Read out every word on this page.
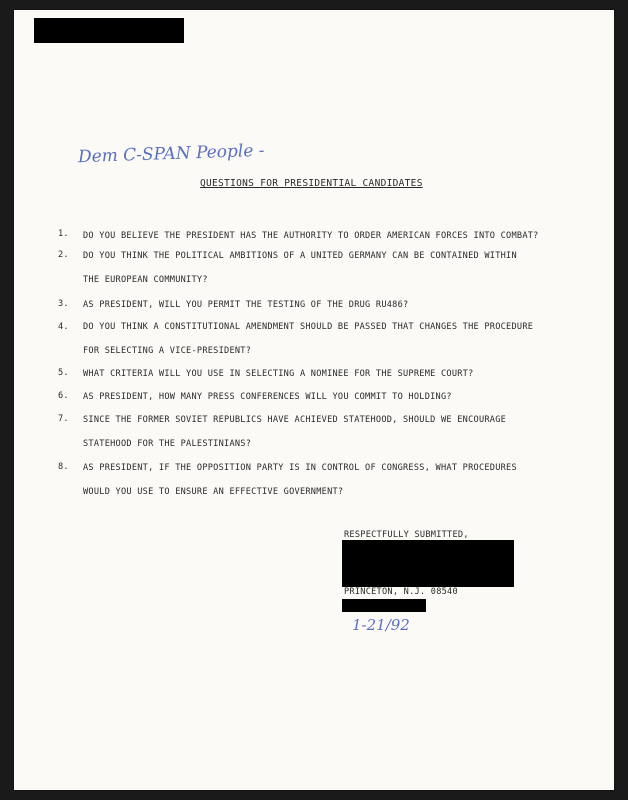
Dem C-SPAN People -
QUESTIONS FOR PRESIDENTIAL CANDIDATES
1. DO YOU BELIEVE THE PRESIDENT HAS THE AUTHORITY TO ORDER AMERICAN FORCES INTO COMBAT?
2. DO YOU THINK THE POLITICAL AMBITIONS OF A UNITED GERMANY CAN BE CONTAINED WITHIN
THE EUROPEAN COMMUNITY?
3. AS PRESIDENT, WILL YOU PERMIT THE TESTING OF THE DRUG RU486?
4. DO YOU THINK A CONSTITUTIONAL AMENDMENT SHOULD BE PASSED THAT CHANGES THE PROCEDURE
FOR SELECTING A VICE-PRESIDENT?
5. WHAT CRITERIA WILL YOU USE IN SELECTING A NOMINEE FOR THE SUPREME COURT?
6. AS PRESIDENT, HOW MANY PRESS CONFERENCES WILL YOU COMMIT TO HOLDING?
7. SINCE THE FORMER SOVIET REPUBLICS HAVE ACHIEVED STATEHOOD, SHOULD WE ENCOURAGE
STATEHOOD FOR THE PALESTINIANS?
8. AS PRESIDENT, IF THE OPPOSITION PARTY IS IN CONTROL OF CONGRESS, WHAT PROCEDURES
WOULD YOU USE TO ENSURE AN EFFECTIVE GOVERNMENT?
RESPECTFULLY SUBMITTED,
PRINCETON, N.J. 08540
1-21/92
